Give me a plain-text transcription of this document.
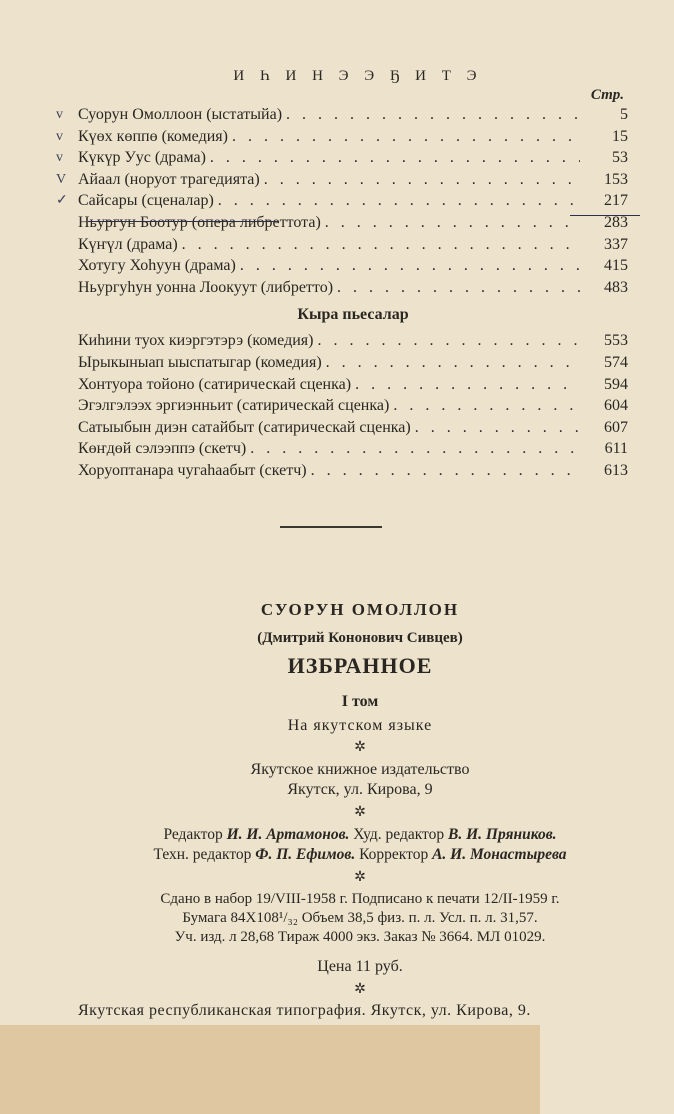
И Һ И Н Э Э Ҕ И Т Э
Стр.
v Суорун Омоллоон (ыстатыйа) . . .	5
v Күөх көппө (комедия) . . .	15
v Күкүр Уус (драма) . . .	53
V Айаал (норуот трагедията) . . .	153
✓ Сайсары (сценалар) . . .	217
Ньургун Боотур (опера либреттота) . . .	283
Күҥүл (драма) . . .	337
Хотугу Хоһуун (драма) . . .	415
Ньургуһун уонна Лоокуут (либретто) . . .	483
Кыра пьесалар
Киһини туох киэргэтэрэ (комедия) . . .	553
Ырыкыныап ыыспатыгар (комедия) . . .	574
Хонтуора тойоно (сатирическай сценка) . . .	594
Эгэлгэлээх эргиэнньит (сатирическай сценка) . . .	604
Сатыыбын диэн сатайбыт (сатирическай сценка) . . .	607
Көҥдөй сэлээппэ (скетч) . . .	611
Хоруоптанара чугаһаабыт (скетч) . . .	613
СУОРУН ОМОЛЛОН
(Дмитрий Кононович Сивцев)
ИЗБРАННОЕ
I том
На якутском языке
✲
Якутское книжное издательство
Якутск, ул. Кирова, 9
✲
Редактор И. И. Артамонов. Худ. редактор В. И. Пряников.
Техн. редактор Ф. П. Ефимов. Корректор А. И. Монастырева
✲
Сдано в набор 19/VIII-1958 г. Подписано к печати 12/II-1959 г.
Бумага 84Х108¹/₃₂ Объем 38,5 физ. п. л. Усл. п. л. 31,57.
Уч. изд. л 28,68 Тираж 4000 экз. Заказ № 3664. МЛ 01029.
Цена 11 руб.
✲
Якутская республиканская типография. Якутск, ул. Кирова, 9.
